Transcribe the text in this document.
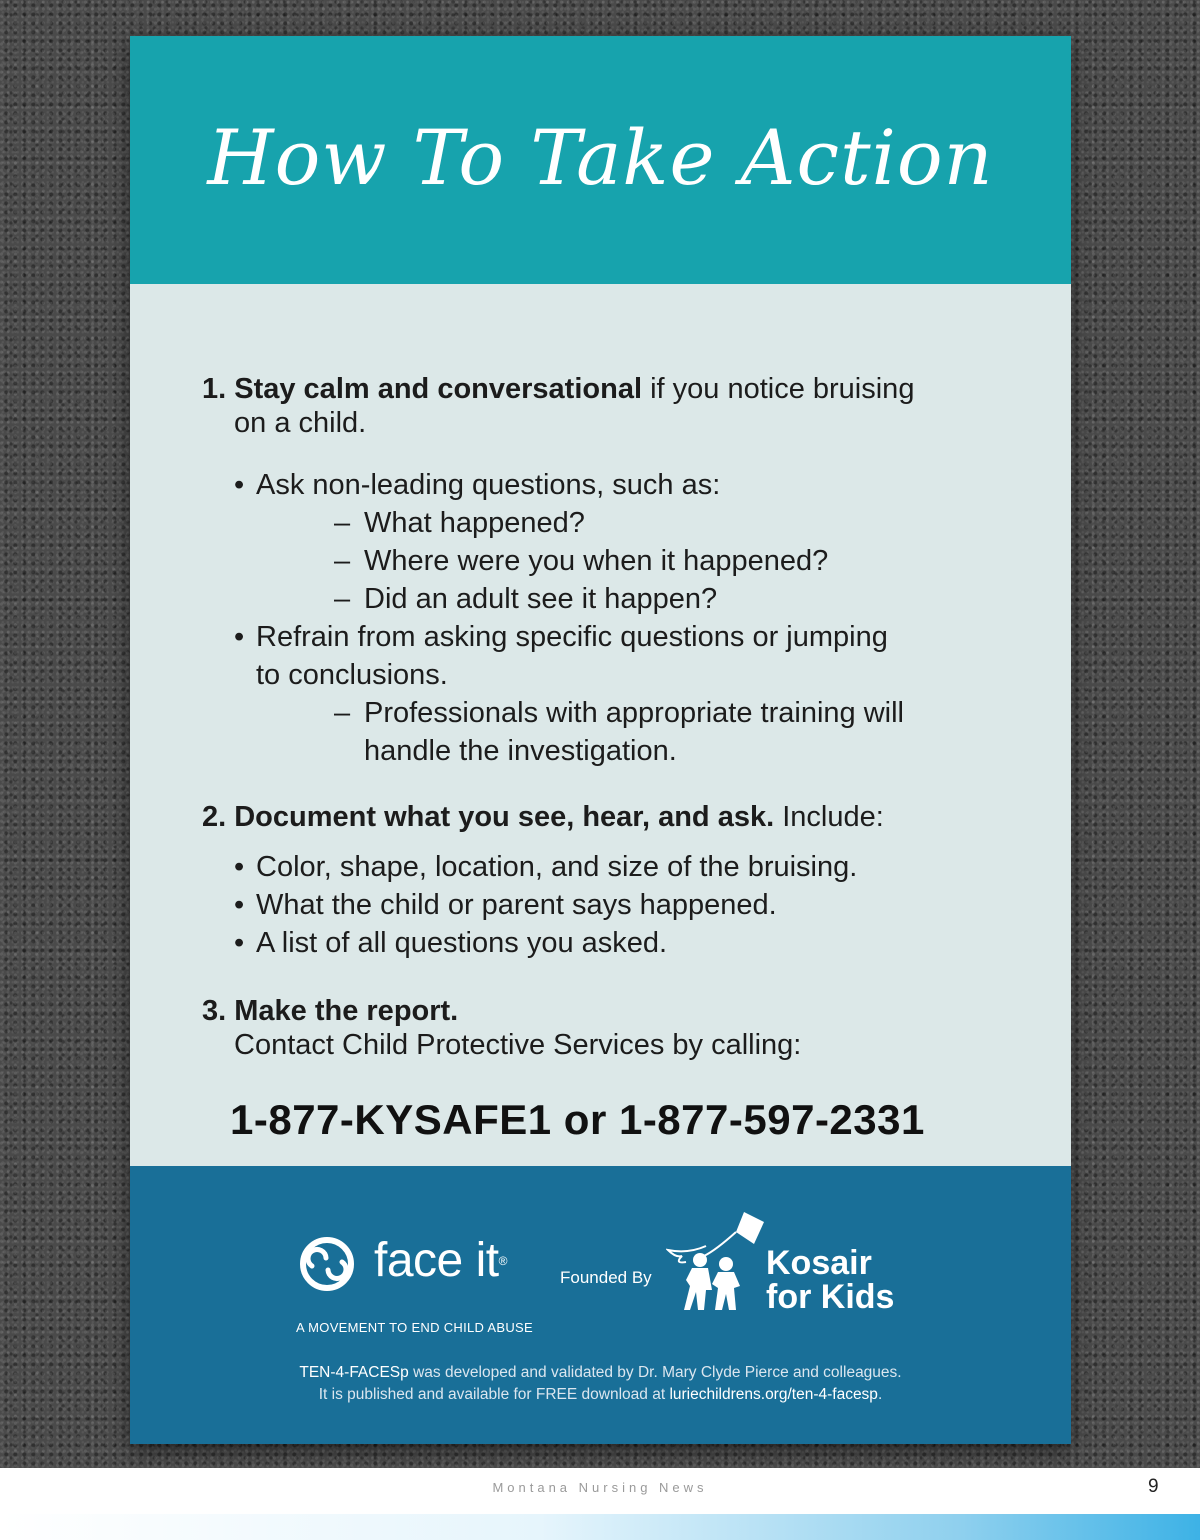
How To Take Action
1. Stay calm and conversational if you notice bruising
on a child.
• Ask non-leading questions, such as:
– What happened?
– Where were you when it happened?
– Did an adult see it happen?
• Refrain from asking specific questions or jumping
to conclusions.
– Professionals with appropriate training will
handle the investigation.
2. Document what you see, hear, and ask. Include:
• Color, shape, location, and size of the bruising.
• What the child or parent says happened.
• A list of all questions you asked.
3. Make the report.
Contact Child Protective Services by calling:
1-877-KYSAFE1 or 1-877-597-2331
face it®
A MOVEMENT TO END CHILD ABUSE
Founded By	Kosair
for Kids
TEN-4-FACESp was developed and validated by Dr. Mary Clyde Pierce and colleagues.
It is published and available for FREE download at luriechildrens.org/ten-4-facesp.
Montana Nursing News	9
